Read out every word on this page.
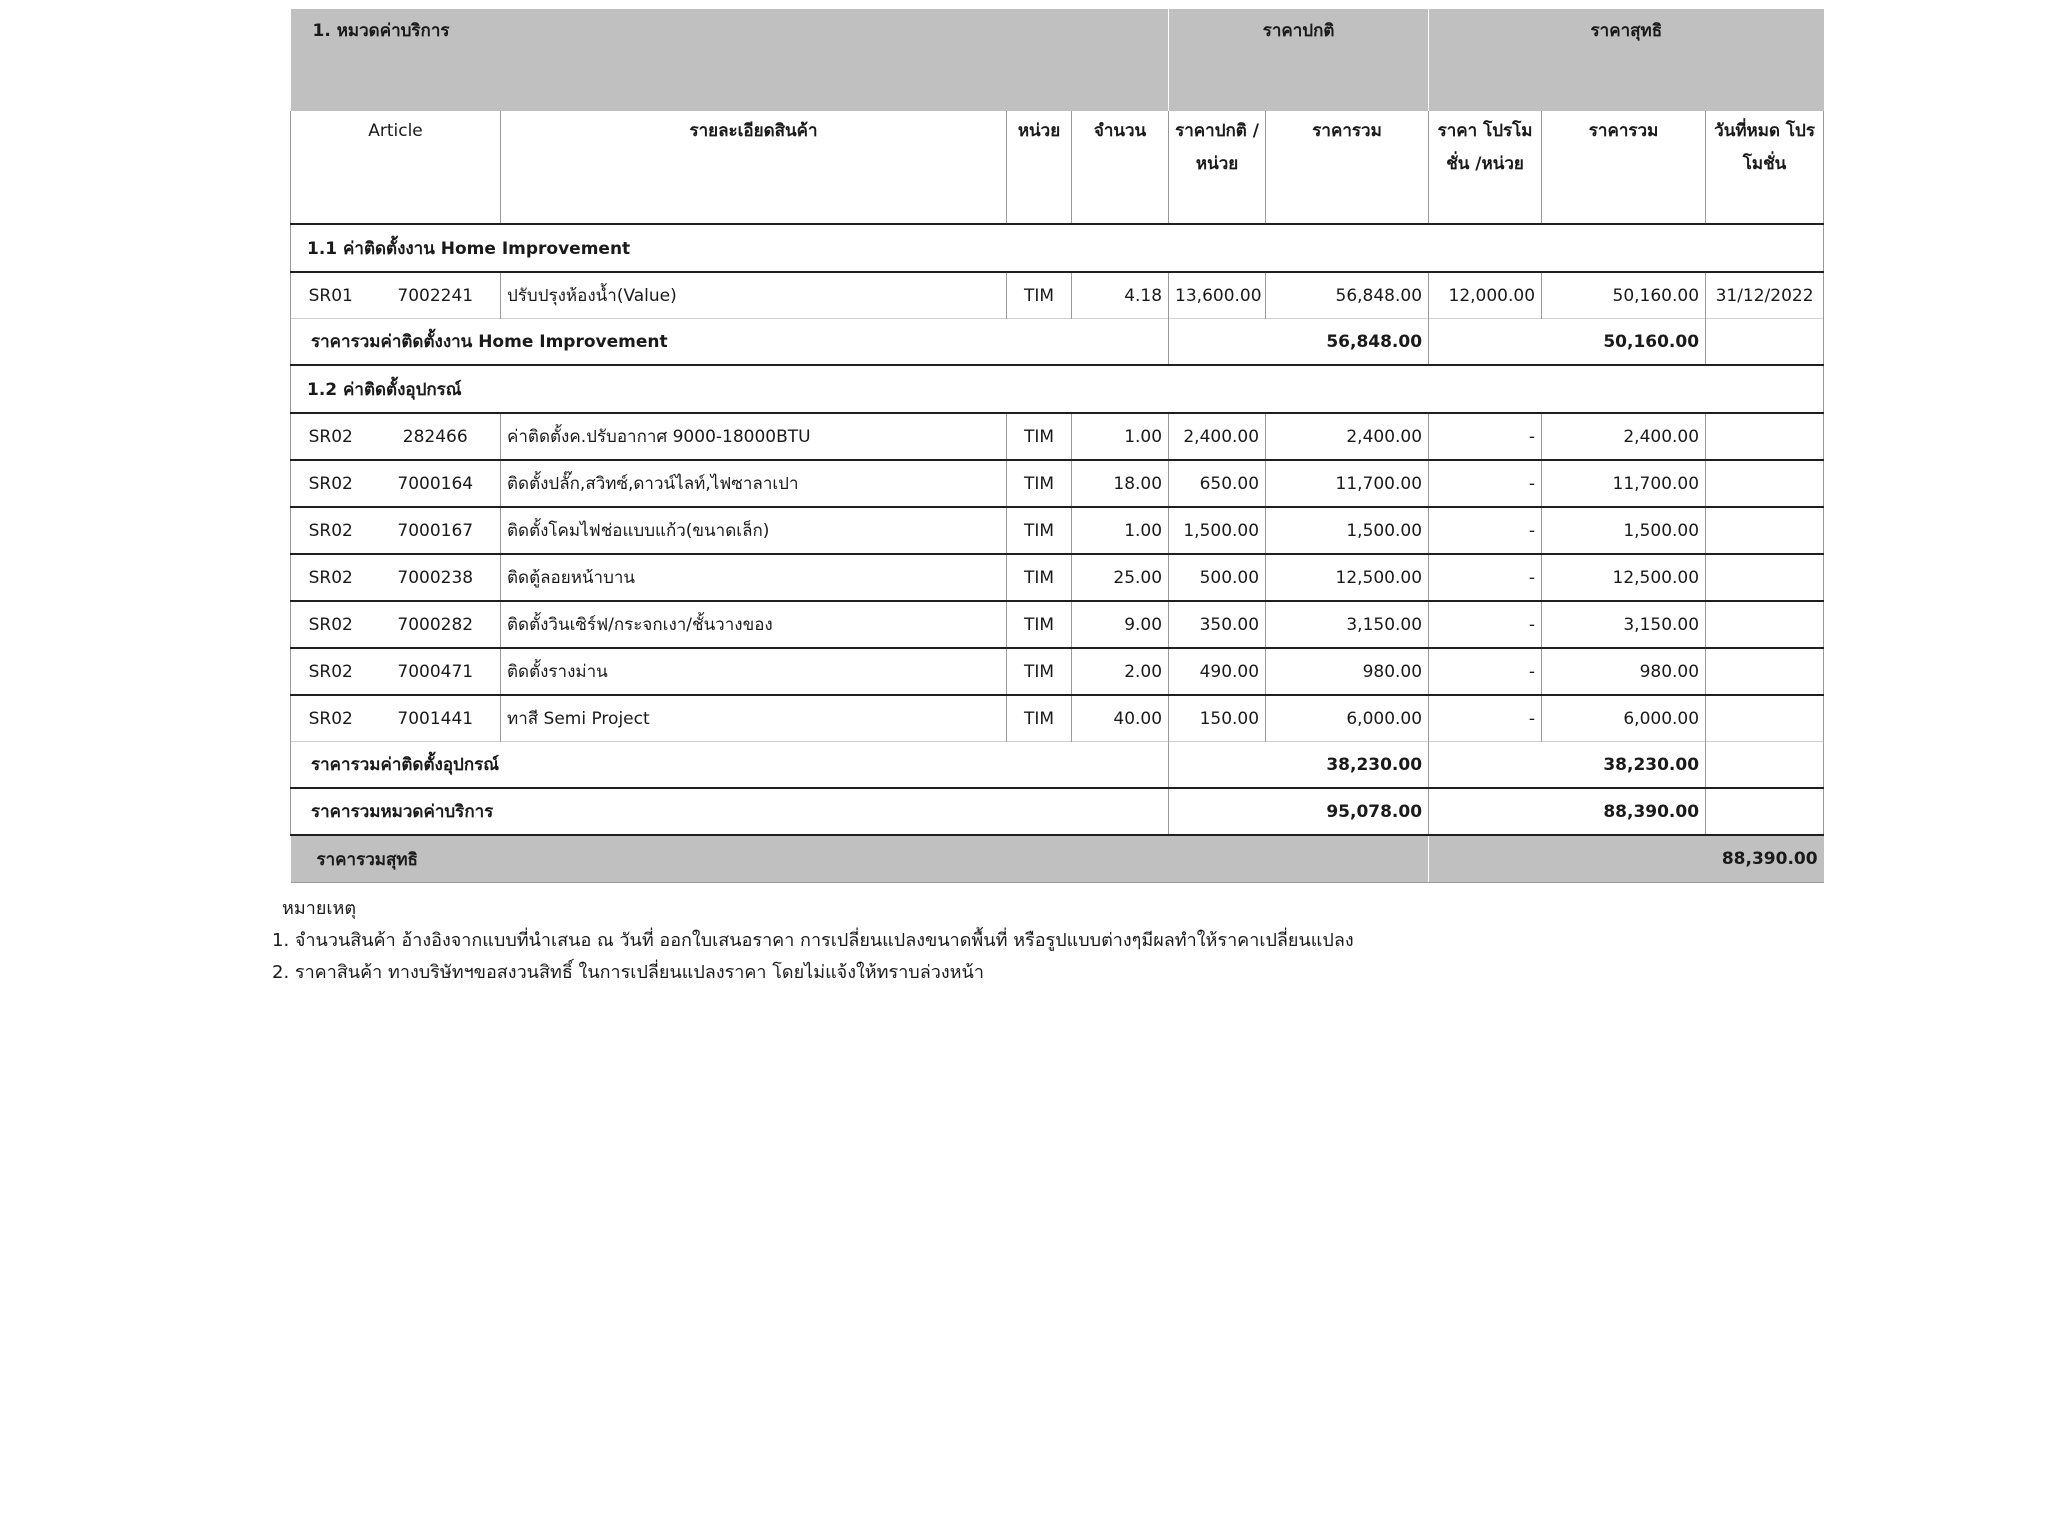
1. หมวดค่าบริการ					ราคาปกติ		ราคาสุทธิ		
Article		รายละเอียดสินค้า	หน่วย	จำนวน	ราคาปกติ /หน่วย	ราคารวม	ราคา โปรโมชั่น /หน่วย	ราคารวม	วันที่หมด โปรโมชั่น
1.1 ค่าติดตั้งงาน Home Improvement									
SR01	7002241	ปรับปรุงห้องน้ำ(Value)	TIM	4.18	13,600.00	56,848.00	12,000.00	50,160.00	31/12/2022
ราคารวมค่าติดตั้งงาน Home Improvement					56,848.00		50,160.00		
1.2 ค่าติดตั้งอุปกรณ์									
SR02	282466	ค่าติดตั้งค.ปรับอากาศ 9000-18000BTU	TIM	1.00	2,400.00	2,400.00	-	2,400.00	
SR02	7000164	ติดตั้งปลั๊ก,สวิทซ์,ดาวน์ไลท์,ไฟซาลาเปา	TIM	18.00	650.00	11,700.00	-	11,700.00	
SR02	7000167	ติดตั้งโคมไฟช่อแบบแก้ว(ขนาดเล็ก)	TIM	1.00	1,500.00	1,500.00	-	1,500.00	
SR02	7000238	ติดตู้ลอยหน้าบาน	TIM	25.00	500.00	12,500.00	-	12,500.00	
SR02	7000282	ติดตั้งวินเซิร์ฟ/กระจกเงา/ชั้นวางของ	TIM	9.00	350.00	3,150.00	-	3,150.00	
SR02	7000471	ติดตั้งรางม่าน	TIM	2.00	490.00	980.00	-	980.00	
SR02	7001441	ทาสี Semi Project	TIM	40.00	150.00	6,000.00	-	6,000.00	
ราคารวมค่าติดตั้งอุปกรณ์					38,230.00		38,230.00		
ราคารวมหมวดค่าบริการ					95,078.00		88,390.00		
ราคารวมสุทธิ							88,390.00		
หมายเหตุ
1. จำนวนสินค้า อ้างอิงจากแบบที่นำเสนอ ณ วันที่ ออกใบเสนอราคา การเปลี่ยนแปลงขนาดพื้นที่ หรือรูปแบบต่างๆมีผลทำให้ราคาเปลี่ยนแปลง
2. ราคาสินค้า ทางบริษัทฯขอสงวนสิทธิ์ ในการเปลี่ยนแปลงราคา โดยไม่แจ้งให้ทราบล่วงหน้า
